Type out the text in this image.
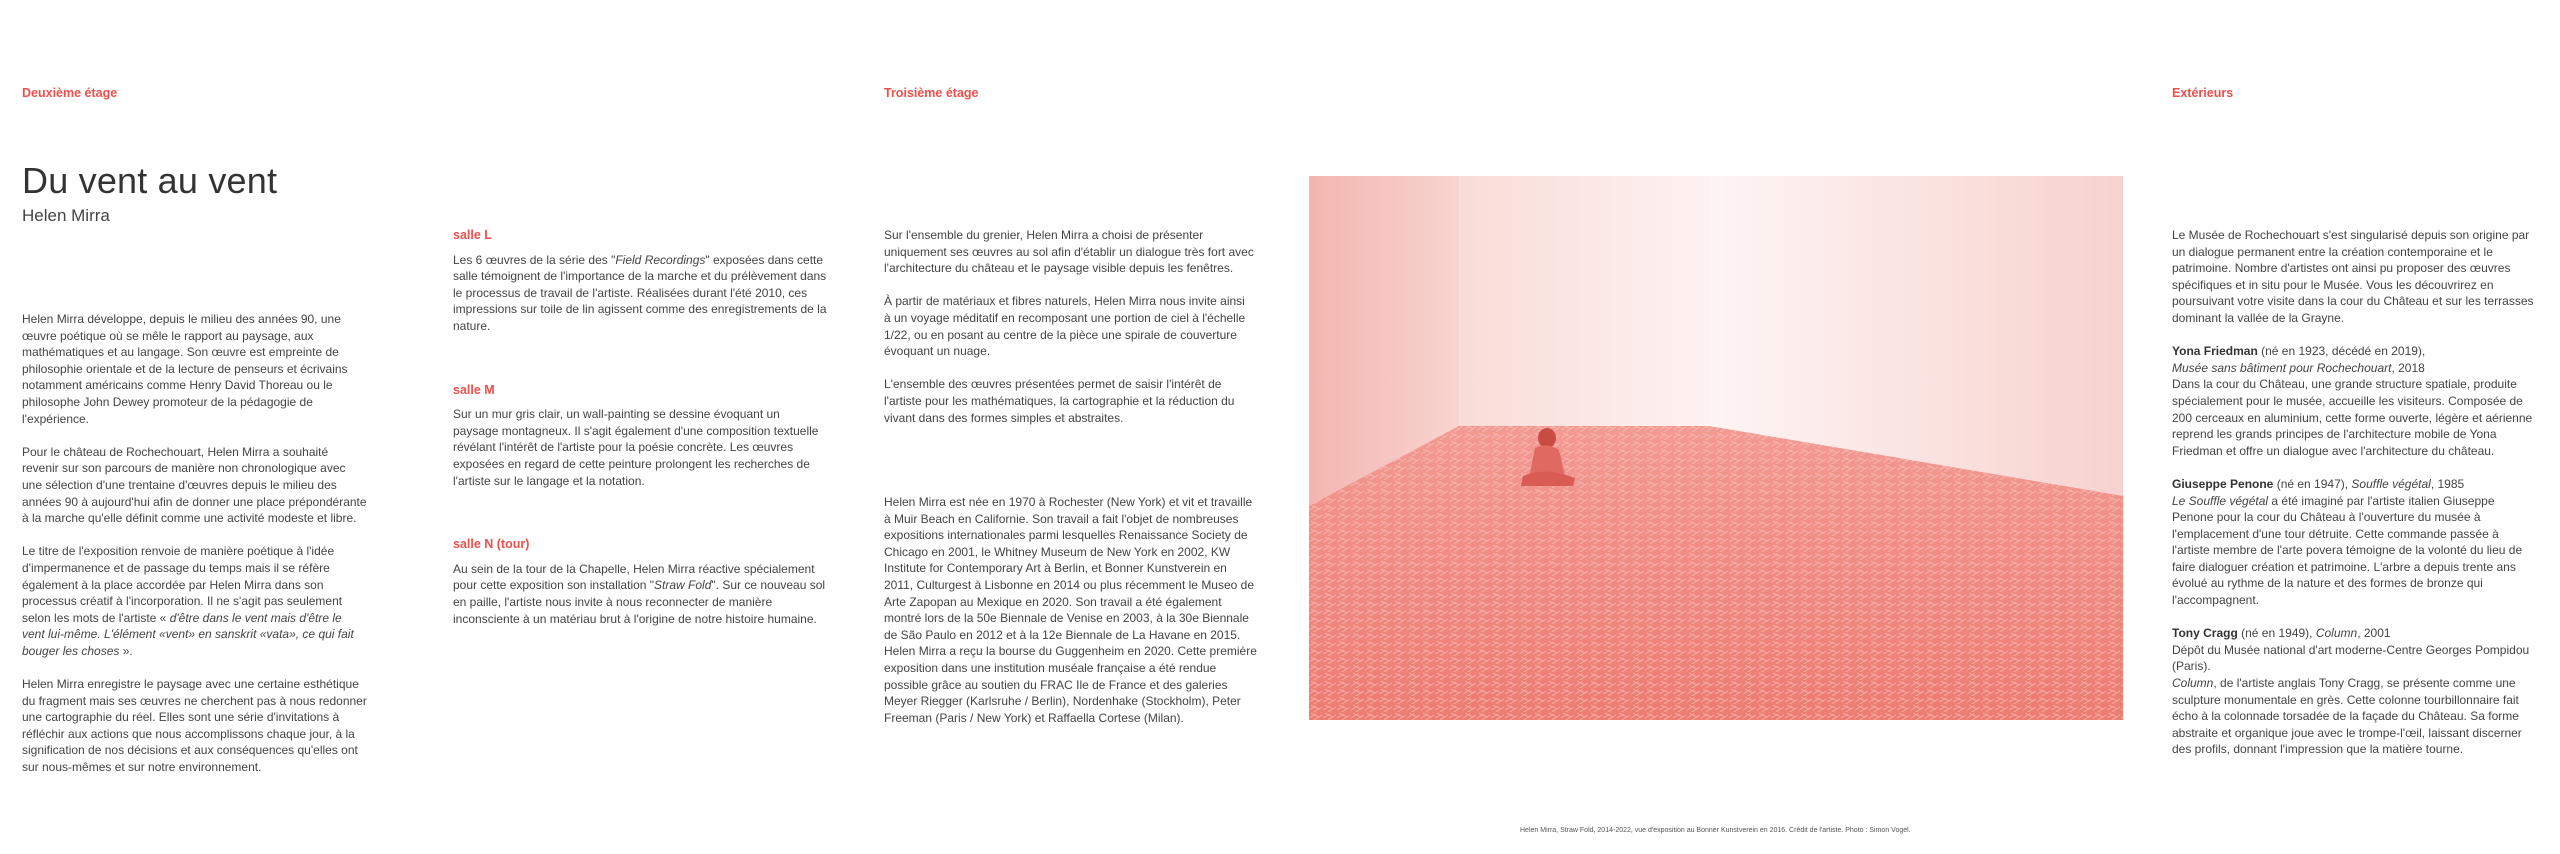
Deuxième étage
Du vent au vent
Helen Mirra

Helen Mirra développe, depuis le milieu des années 90, une œuvre poétique où se mêle le rapport au paysage, aux mathématiques et au langage. Son œuvre est empreinte de philosophie orientale et de la lecture de penseurs et écrivains notamment américains comme Henry David Thoreau ou le philosophe John Dewey promoteur de la pédagogie de l'expérience.

Pour le château de Rochechouart, Helen Mirra a souhaité revenir sur son parcours de manière non chronologique avec une sélection d'une trentaine d'œuvres depuis le milieu des années 90 à aujourd'hui afin de donner une place prépondérante à la marche qu'elle définit comme une activité modeste et libre.

Le titre de l'exposition renvoie de manière poétique à l'idée d'impermanence et de passage du temps mais il se réfère également à la place accordée par Helen Mirra dans son processus créatif à l'incorporation. Il ne s'agit pas seulement selon les mots de l'artiste « d'être dans le vent mais d'être le vent lui-même. L'élément «vent» en sanskrit «vata», ce qui fait bouger les choses ».

Helen Mirra enregistre le paysage avec une certaine esthétique du fragment mais ses œuvres ne cherchent pas à nous redonner une cartographie du réel. Elles sont une série d'invitations à réfléchir aux actions que nous accomplissons chaque jour, à la signification de nos décisions et aux conséquences qu'elles ont sur nous-mêmes et sur notre environnement.

salle L

Les 6 œuvres de la série des "Field Recordings" exposées dans cette salle témoignent de l'importance de la marche et du prélèvement dans le processus de travail de l'artiste. Réalisées durant l'été 2010, ces impressions sur toile de lin agissent comme des enregistrements de la nature.

salle M

Sur un mur gris clair, un wall-painting se dessine évoquant un paysage montagneux. Il s'agit également d'une composition textuelle révélant l'intérêt de l'artiste pour la poésie concrète. Les œuvres exposées en regard de cette peinture prolongent les recherches de l'artiste sur le langage et la notation.

salle N (tour)

Au sein de la tour de la Chapelle, Helen Mirra réactive spécialement pour cette exposition son installation "Straw Fold". Sur ce nouveau sol en paille, l'artiste nous invite à nous reconnecter de manière inconsciente à un matériau brut à l'origine de notre histoire humaine.

Troisième étage

Sur l'ensemble du grenier, Helen Mirra a choisi de présenter uniquement ses œuvres au sol afin d'établir un dialogue très fort avec l'architecture du château et le paysage visible depuis les fenêtres.

À partir de matériaux et fibres naturels, Helen Mirra nous invite ainsi à un voyage méditatif en recomposant une portion de ciel à l'échelle 1/22, ou en posant au centre de la pièce une spirale de couverture évoquant un nuage.

L'ensemble des œuvres présentées permet de saisir l'intérêt de l'artiste pour les mathématiques, la cartographie et la réduction du vivant dans des formes simples et abstraites.

Helen Mirra est née en 1970 à Rochester (New York) et vit et travaille à Muir Beach en Californie. Son travail a fait l'objet de nombreuses expositions internationales parmi lesquelles Renaissance Society de Chicago en 2001, le Whitney Museum de New York en 2002, KW Institute for Contemporary Art à Berlin, et Bonner Kunstverein en 2011, Culturgest à Lisbonne en 2014 ou plus récemment le Museo de Arte Zapopan au Mexique en 2020. Son travail a été également montré lors de la 50e Biennale de Venise en 2003, à la 30e Biennale de São Paulo en 2012 et à la 12e Biennale de La Havane en 2015. Helen Mirra a reçu la bourse du Guggenheim en 2020. Cette première exposition dans une institution muséale française a été rendue possible grâce au soutien du FRAC Ile de France et des galeries Meyer Riegger (Karlsruhe / Berlin), Nordenhake (Stockholm), Peter Freeman (Paris / New York) et Raffaella Cortese (Milan).
Helen Mirra, Straw Fold, 2014-2022, vue d'exposition au Bonner Kunstverein en 2016. Crédit de l'artiste. Photo : Simon Vogel.
Extérieurs

Le Musée de Rochechouart s'est singularisé depuis son origine par un dialogue permanent entre la création contemporaine et le patrimoine. Nombre d'artistes ont ainsi pu proposer des œuvres spécifiques et in situ pour le Musée. Vous les découvrirez en poursuivant votre visite dans la cour du Château et sur les terrasses dominant la vallée de la Grayne.

Yona Friedman (né en 1923, décédé en 2019),
Musée sans bâtiment pour Rochechouart, 2018
Dans la cour du Château, une grande structure spatiale, produite spécialement pour le musée, accueille les visiteurs. Composée de 200 cerceaux en aluminium, cette forme ouverte, légère et aérienne reprend les grands principes de l'architecture mobile de Yona Friedman et offre un dialogue avec l'architecture du château.

Giuseppe Penone (né en 1947), Souffle végétal, 1985
Le Souffle végétal a été imaginé par l'artiste italien Giuseppe Penone pour la cour du Château à l'ouverture du musée à l'emplacement d'une tour détruite. Cette commande passée à l'artiste membre de l'arte povera témoigne de la volonté du lieu de faire dialoguer création et patrimoine. L'arbre a depuis trente ans évolué au rythme de la nature et des formes de bronze qui l'accompagnent.

Tony Cragg (né en 1949), Column, 2001
Dépôt du Musée national d'art moderne-Centre Georges Pompidou (Paris).
Column, de l'artiste anglais Tony Cragg, se présente comme une sculpture monumentale en grès. Cette colonne tourbillonnaire fait écho à la colonnade torsadée de la façade du Château. Sa forme abstraite et organique joue avec le trompe-l'œil, laissant discerner des profils, donnant l'impression que la matière tourne.
